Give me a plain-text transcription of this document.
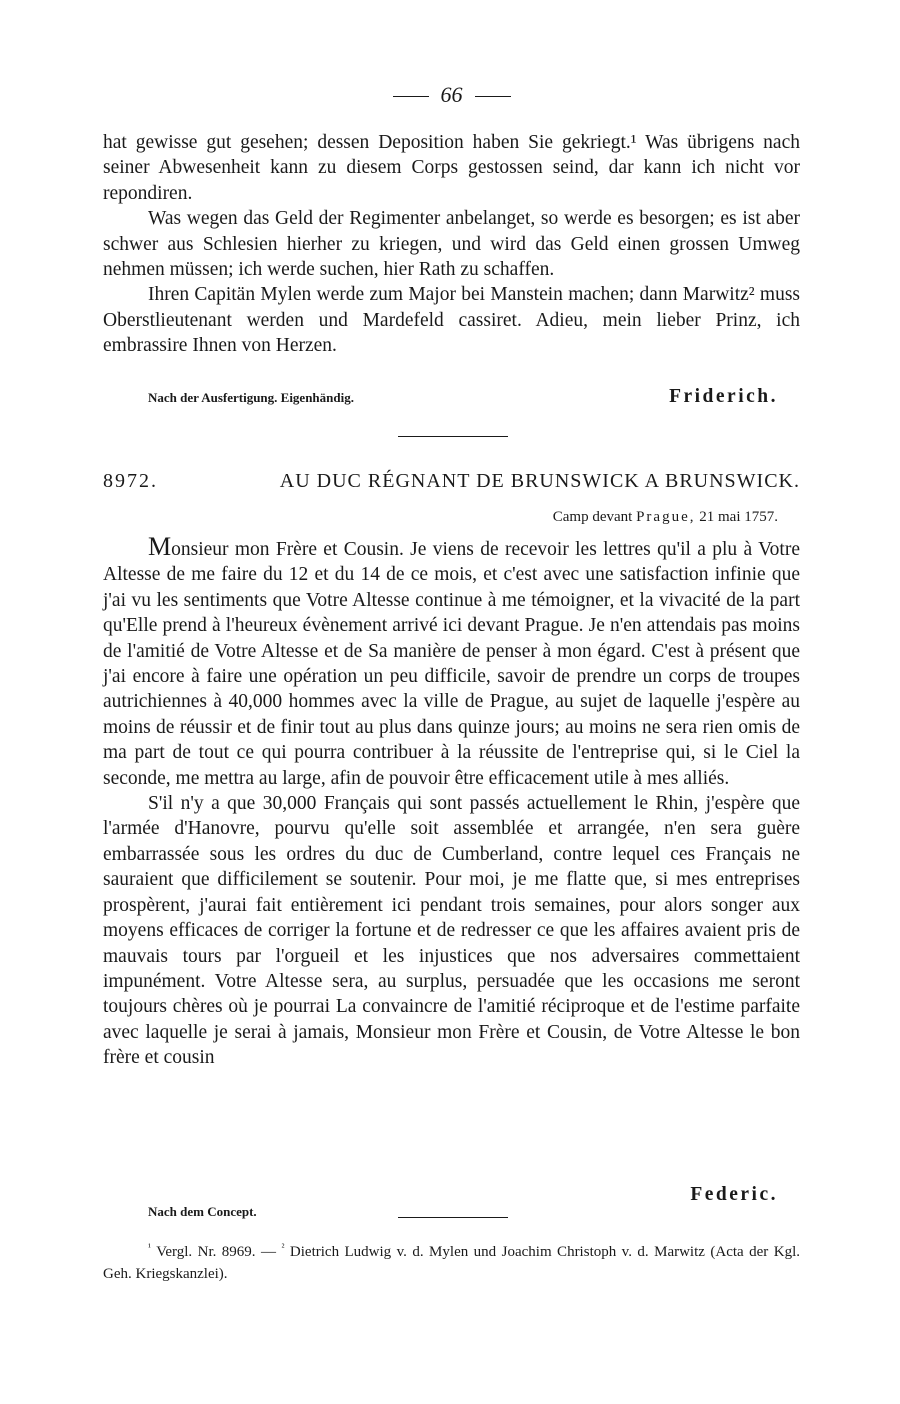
66

hat gewisse gut gesehen; dessen Deposition haben Sie gekriegt.¹ Was übrigens nach seiner Abwesenheit kann zu diesem Corps gestossen seind, dar kann ich nicht vor repondiren.

Was wegen das Geld der Regimenter anbelanget, so werde es besorgen; es ist aber schwer aus Schlesien hierher zu kriegen, und wird das Geld einen grossen Umweg nehmen müssen; ich werde suchen, hier Rath zu schaffen.

Ihren Capitän Mylen werde zum Major bei Manstein machen; dann Marwitz² muss Oberstlieutenant werden und Mardefeld cassiret. Adieu, mein lieber Prinz, ich embrassire Ihnen von Herzen.

Nach der Ausfertigung. Eigenhändig.	Friderich.
8972.	AU DUC RÉGNANT DE BRUNSWICK A BRUNSWICK.
Camp devant Prague, 21 mai 1757.

Monsieur mon Frère et Cousin. Je viens de recevoir les lettres qu'il a plu à Votre Altesse de me faire du 12 et du 14 de ce mois, et c'est avec une satisfaction infinie que j'ai vu les sentiments que Votre Altesse continue à me témoigner, et la vivacité de la part qu'Elle prend à l'heureux évènement arrivé ici devant Prague. Je n'en attendais pas moins de l'amitié de Votre Altesse et de Sa manière de penser à mon égard. C'est à présent que j'ai encore à faire une opération un peu difficile, savoir de prendre un corps de troupes autrichiennes à 40,000 hommes avec la ville de Prague, au sujet de laquelle j'espère au moins de réussir et de finir tout au plus dans quinze jours; au moins ne sera rien omis de ma part de tout ce qui pourra contribuer à la réussite de l'entreprise qui, si le Ciel la seconde, me mettra au large, afin de pouvoir être efficacement utile à mes alliés.

S'il n'y a que 30,000 Français qui sont passés actuellement le Rhin, j'espère que l'armée d'Hanovre, pourvu qu'elle soit assemblée et arrangée, n'en sera guère embarrassée sous les ordres du duc de Cumberland, contre lequel ces Français ne sauraient que difficilement se soutenir. Pour moi, je me flatte que, si mes entreprises prospèrent, j'aurai fait entièrement ici pendant trois semaines, pour alors songer aux moyens efficaces de corriger la fortune et de redresser ce que les affaires avaient pris de mauvais tours par l'orgueil et les injustices que nos adversaires commettaient impunément. Votre Altesse sera, au surplus, persuadée que les occasions me seront toujours chères où je pourrai La convaincre de l'amitié réciproque et de l'estime parfaite avec laquelle je serai à jamais, Monsieur mon Frère et Cousin, de Votre Altesse le bon frère et cousin

Federic.
Nach dem Concept.
$^{^1}$ Vergl. Nr. 8969. — $^{^2}$ Dietrich Ludwig v. d. Mylen und Joachim Christoph v. d. Marwitz (Acta der Kgl. Geh. Kriegskanzlei).
